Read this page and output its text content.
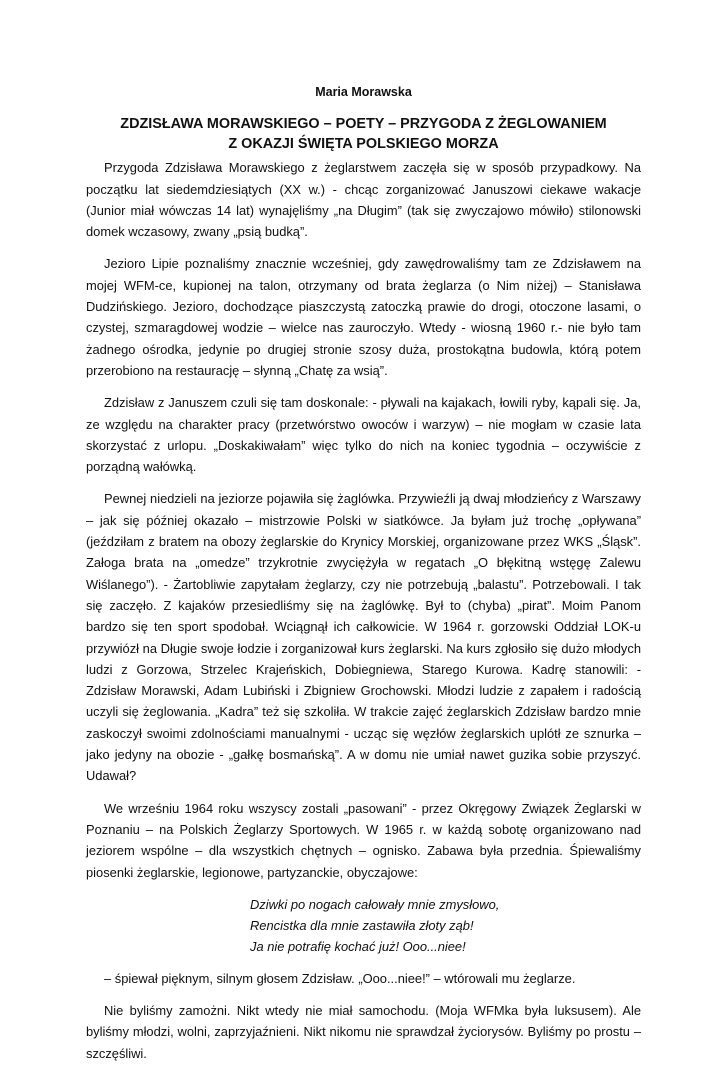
Maria Morawska
ZDZISŁAWA MORAWSKIEGO – POETY – PRZYGODA Z ŻEGLOWANIEM
Z OKAZJI ŚWIĘTA POLSKIEGO MORZA

Przygoda Zdzisława Morawskiego z żeglarstwem zaczęła się w sposób przypadkowy. Na początku lat siedemdziesiątych (XX w.) - chcąc zorganizować Januszowi ciekawe wakacje (Junior miał wówczas 14 lat) wynajęliśmy „na Długim” (tak się zwyczajowo mówiło) stilonowski domek wczasowy, zwany „psią budką”.

Jezioro Lipie poznaliśmy znacznie wcześniej, gdy zawędrowaliśmy tam ze Zdzisławem na mojej WFM-ce, kupionej na talon, otrzymany od brata żeglarza (o Nim niżej) – Stanisława Dudzińskiego. Jezioro, dochodzące piaszczystą zatoczką prawie do drogi, otoczone lasami, o czystej, szmaragdowej wodzie – wielce nas zauroczyło. Wtedy - wiosną 1960 r.- nie było tam żadnego ośrodka, jedynie po drugiej stronie szosy duża, prostokątna budowla, którą potem przerobiono na restaurację – słynną „Chatę za wsią”.

Zdzisław z Januszem czuli się tam doskonale: - pływali na kajakach, łowili ryby, kąpali się. Ja, ze względu na charakter pracy (przetwórstwo owoców i warzyw) – nie mogłam w czasie lata skorzystać z urlopu. „Doskakiwałam” więc tylko do nich na koniec tygodnia – oczywiście z porządną wałówką.

Pewnej niedzieli na jeziorze pojawiła się żaglówka. Przywieźli ją dwaj młodzieńcy z Warszawy – jak się później okazało – mistrzowie Polski w siatkówce. Ja byłam już trochę „opływana” (jeździłam z bratem na obozy żeglarskie do Krynicy Morskiej, organizowane przez WKS „Śląsk”. Załoga brata na „omedze” trzykrotnie zwyciężyła w regatach „O błękitną wstęgę Zalewu Wiślanego”). - Żartobliwie zapytałam żeglarzy, czy nie potrzebują „balastu”. Potrzebowali. I tak się zaczęło. Z kajaków przesiedliśmy się na żaglówkę. Był to (chyba) „pirat”. Moim Panom bardzo się ten sport spodobał. Wciągnął ich całkowicie. W 1964 r. gorzowski Oddział LOK-u przywiózł na Długie swoje łodzie i zorganizował kurs żeglarski. Na kurs zgłosiło się dużo młodych ludzi z Gorzowa, Strzelec Krajeńskich, Dobiegniewa, Starego Kurowa. Kadrę stanowili: - Zdzisław Morawski, Adam Lubiński i Zbigniew Grochowski. Młodzi ludzie z zapałem i radością uczyli się żeglowania. „Kadra” też się szkoliła. W trakcie zajęć żeglarskich Zdzisław bardzo mnie zaskoczył swoimi zdolnościami manualnymi - ucząc się węzłów żeglarskich uplótł ze sznurka – jako jedyny na obozie - „gałkę bosmańską”. A w domu nie umiał nawet guzika sobie przyszyć. Udawał?

We wrześniu 1964 roku wszyscy zostali „pasowani” - przez Okręgowy Związek Żeglarski w Poznaniu – na Polskich Żeglarzy Sportowych. W 1965 r. w każdą sobotę organizowano nad jeziorem wspólne – dla wszystkich chętnych – ognisko. Zabawa była przednia. Śpiewaliśmy piosenki żeglarskie, legionowe, partyzanckie, obyczajowe:

Dziwki po nogach całowały mnie zmysłowo,
Rencistka dla mnie zastawiła złoty ząb!
Ja nie potrafię kochać już! Ooo...niee!

– śpiewał pięknym, silnym głosem Zdzisław. „Ooo...niee!” – wtórowali mu żeglarze.

Nie byliśmy zamożni. Nikt wtedy nie miał samochodu. (Moja WFMka była luksusem). Ale byliśmy młodzi, wolni, zaprzyjaźnieni. Nikt nikomu nie sprawdzał życiorysów. Byliśmy po prostu – szczęśliwi.
